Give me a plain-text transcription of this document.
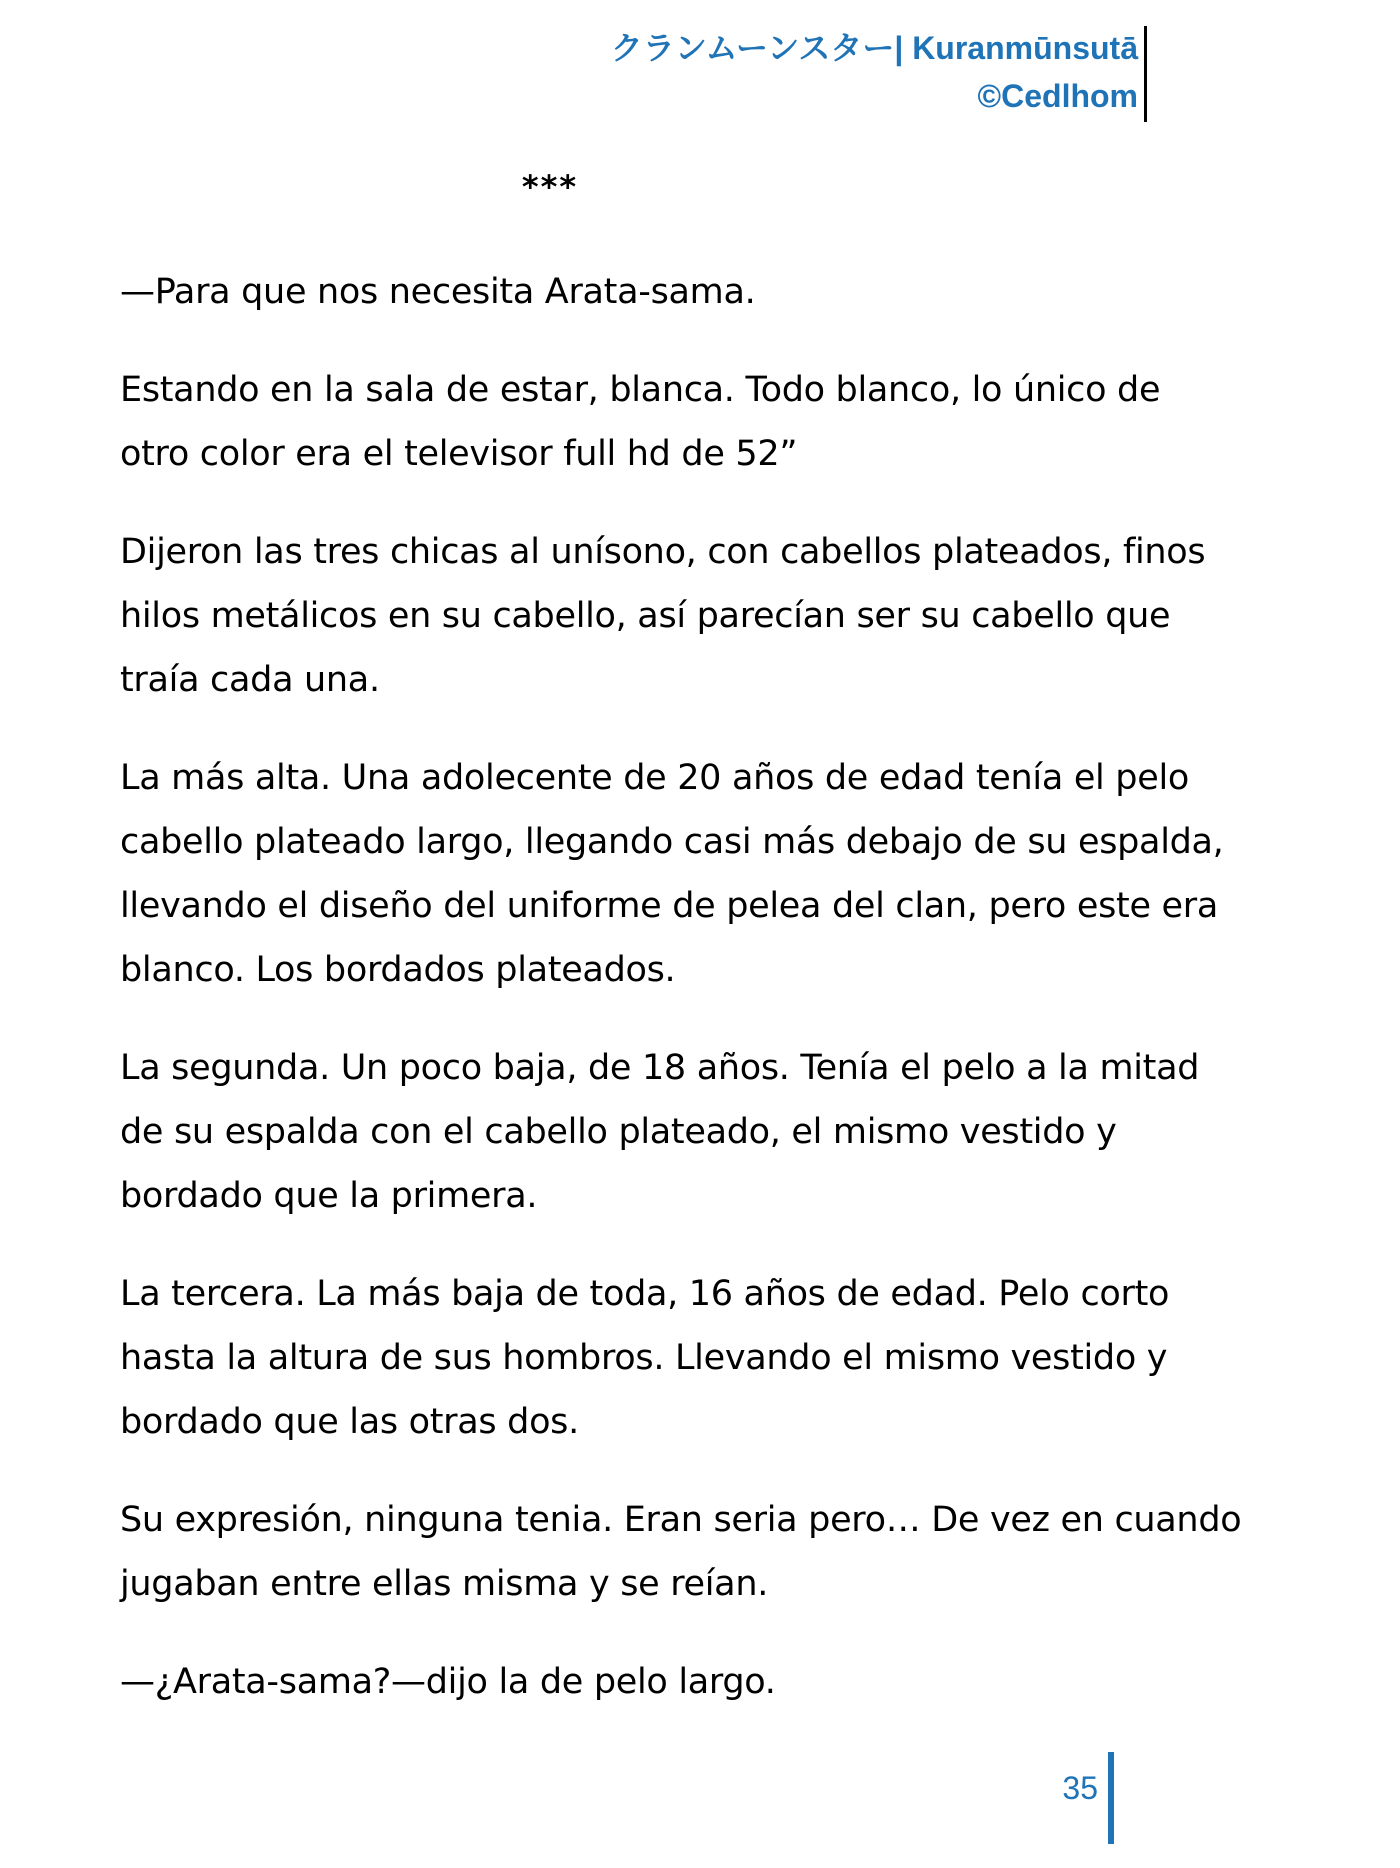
クランムーンスター| Kuranmūnsutā
©Cedlhom
***

—Para que nos necesita Arata-sama.

Estando en la sala de estar, blanca. Todo blanco, lo único de
otro color era el televisor full hd de 52”

Dijeron las tres chicas al unísono, con cabellos plateados, finos
hilos metálicos en su cabello, así parecían ser su cabello que
traía cada una.

La más alta. Una adolecente de 20 años de edad tenía el pelo
cabello plateado largo, llegando casi más debajo de su espalda,
llevando el diseño del uniforme de pelea del clan, pero este era
blanco. Los bordados plateados.

La segunda. Un poco baja, de 18 años. Tenía el pelo a la mitad
de su espalda con el cabello plateado, el mismo vestido y
bordado que la primera.

La tercera. La más baja de toda, 16 años de edad. Pelo corto
hasta la altura de sus hombros. Llevando el mismo vestido y
bordado que las otras dos.

Su expresión, ninguna tenia. Eran seria pero… De vez en cuando
jugaban entre ellas misma y se reían.

—¿Arata-sama?—dijo la de pelo largo.

35
